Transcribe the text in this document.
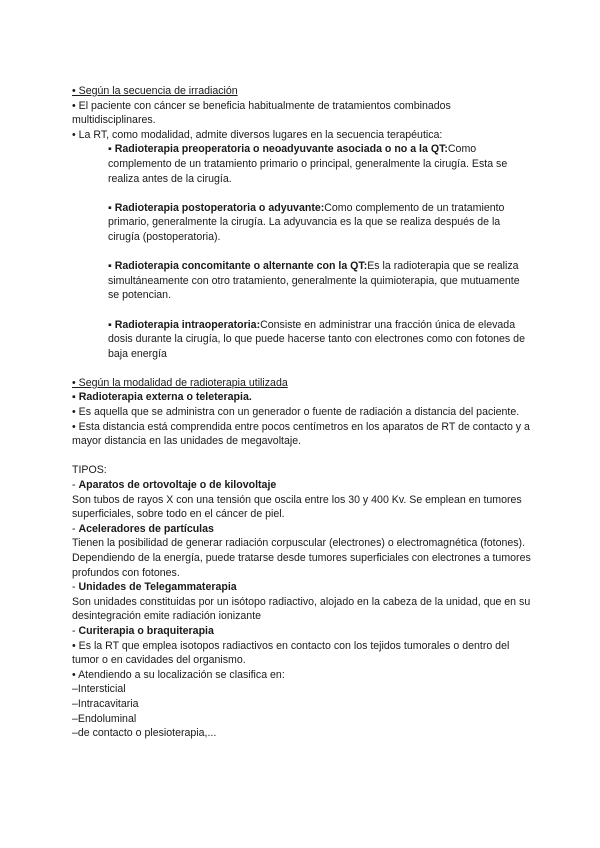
• Según la secuencia de irradiación

• El paciente con cáncer se beneficia habitualmente de tratamientos combinados multidisciplinares.

• La RT, como modalidad, admite diversos lugares en la secuencia terapéutica:

▪ Radioterapia preoperatoria o neoadyuvante asociada o no a la QT:Como complemento de un tratamiento primario o principal, generalmente la cirugía. Esta se realiza antes de la cirugía.

▪ Radioterapia postoperatoria o adyuvante:Como complemento de un tratamiento primario, generalmente la cirugía. La adyuvancia es la que se realiza después de la cirugía (postoperatoria).

▪ Radioterapia concomitante o alternante con la QT:Es la radioterapia que se realiza simultáneamente con otro tratamiento, generalmente la quimioterapia, que mutuamente se potencian.

▪ Radioterapia intraoperatoria:Consiste en administrar una fracción única de elevada dosis durante la cirugía, lo que puede hacerse tanto con electrones como con fotones de baja energía

• Según la modalidad de radioterapia utilizada

▪ Radioterapia externa o teleterapia.

• Es aquella que se administra con un generador o fuente de radiación a distancia del paciente.

• Esta distancia está comprendida entre pocos centímetros en los aparatos de RT de contacto y a mayor distancia en las unidades de megavoltaje.

TIPOS:

- Aparatos de ortovoltaje o de kilovoltaje

Son tubos de rayos X con una tensión que oscila entre los 30 y 400 Kv. Se emplean en tumores superficiales, sobre todo en el cáncer de piel.

- Aceleradores de partículas

Tienen la posibilidad de generar radiación corpuscular (electrones) o electromagnética (fotones). Dependiendo de la energía, puede tratarse desde tumores superficiales con electrones a tumores profundos con fotones.

- Unidades de Telegammaterapia

Son unidades constituidas por un isótopo radiactivo, alojado en la cabeza de la unidad, que en su desintegración emite radiación ionizante

- Curiterapia o braquiterapia

• Es la RT que emplea isotopos radiactivos en contacto con los tejidos tumorales o dentro del tumor o en cavidades del organismo.

• Atendiendo a su localización se clasifica en:

–Intersticial

–Intracavitaria

–Endoluminal

–de contacto o plesioterapia,...
